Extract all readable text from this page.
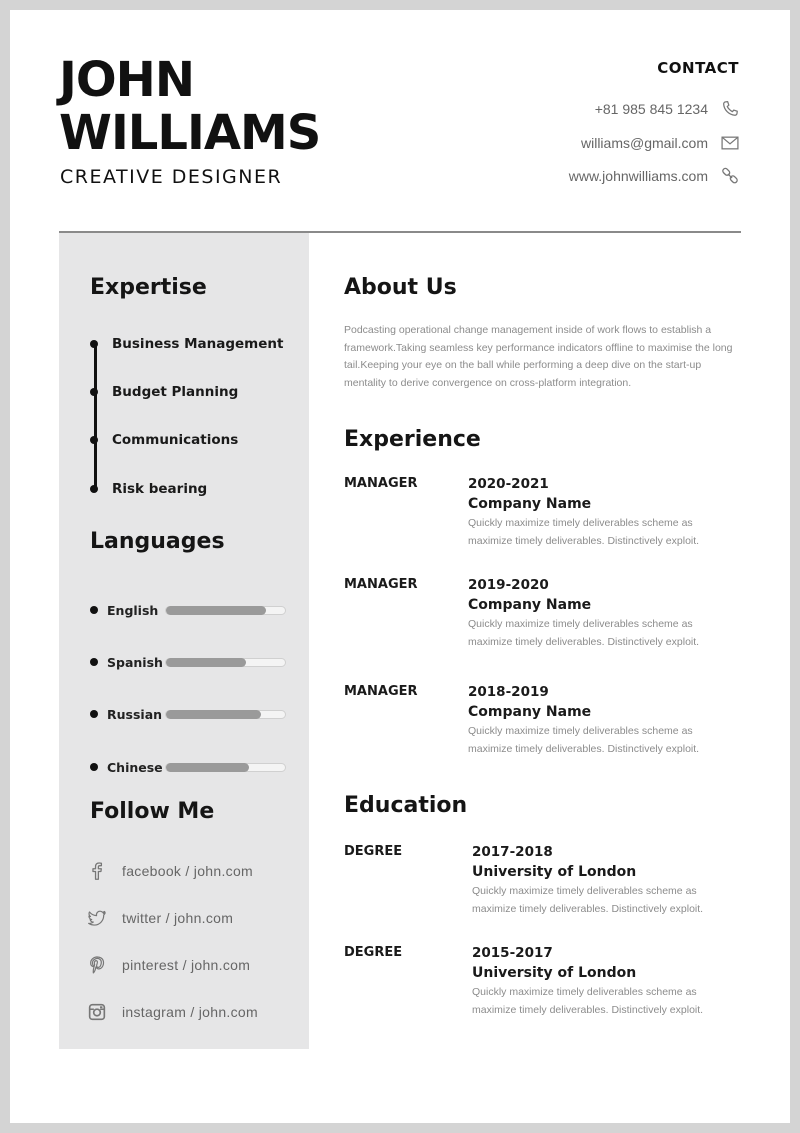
JOHN
WILLIAMS
CREATIVE DESIGNER
CONTACT
+81 985 845 1234
williams@gmail.com
www.johnwilliams.com
Expertise
Business Management
Budget Planning
Communications
Risk bearing
Languages
English
Spanish
Russian
Chinese
Follow Me
facebook / john.com
twitter / john.com
pinterest / john.com
instagram / john.com
About Us
Podcasting operational change management inside of work flows to establish a framework.Taking seamless key performance indicators offline to maximise the long tail.Keeping your eye on the ball while performing a deep dive on the start-up mentality to derive convergence on cross-platform integration.
Experience
MANAGER	2020-2021
Company Name
Quickly maximize timely deliverables scheme as maximize timely deliverables. Distinctively exploit.
MANAGER	2019-2020
Company Name
Quickly maximize timely deliverables scheme as maximize timely deliverables. Distinctively exploit.
MANAGER	2018-2019
Company Name
Quickly maximize timely deliverables scheme as maximize timely deliverables. Distinctively exploit.
Education
DEGREE	2017-2018
University of London
Quickly maximize timely deliverables scheme as maximize timely deliverables. Distinctively exploit.
DEGREE	2015-2017
University of London
Quickly maximize timely deliverables scheme as maximize timely deliverables. Distinctively exploit.
